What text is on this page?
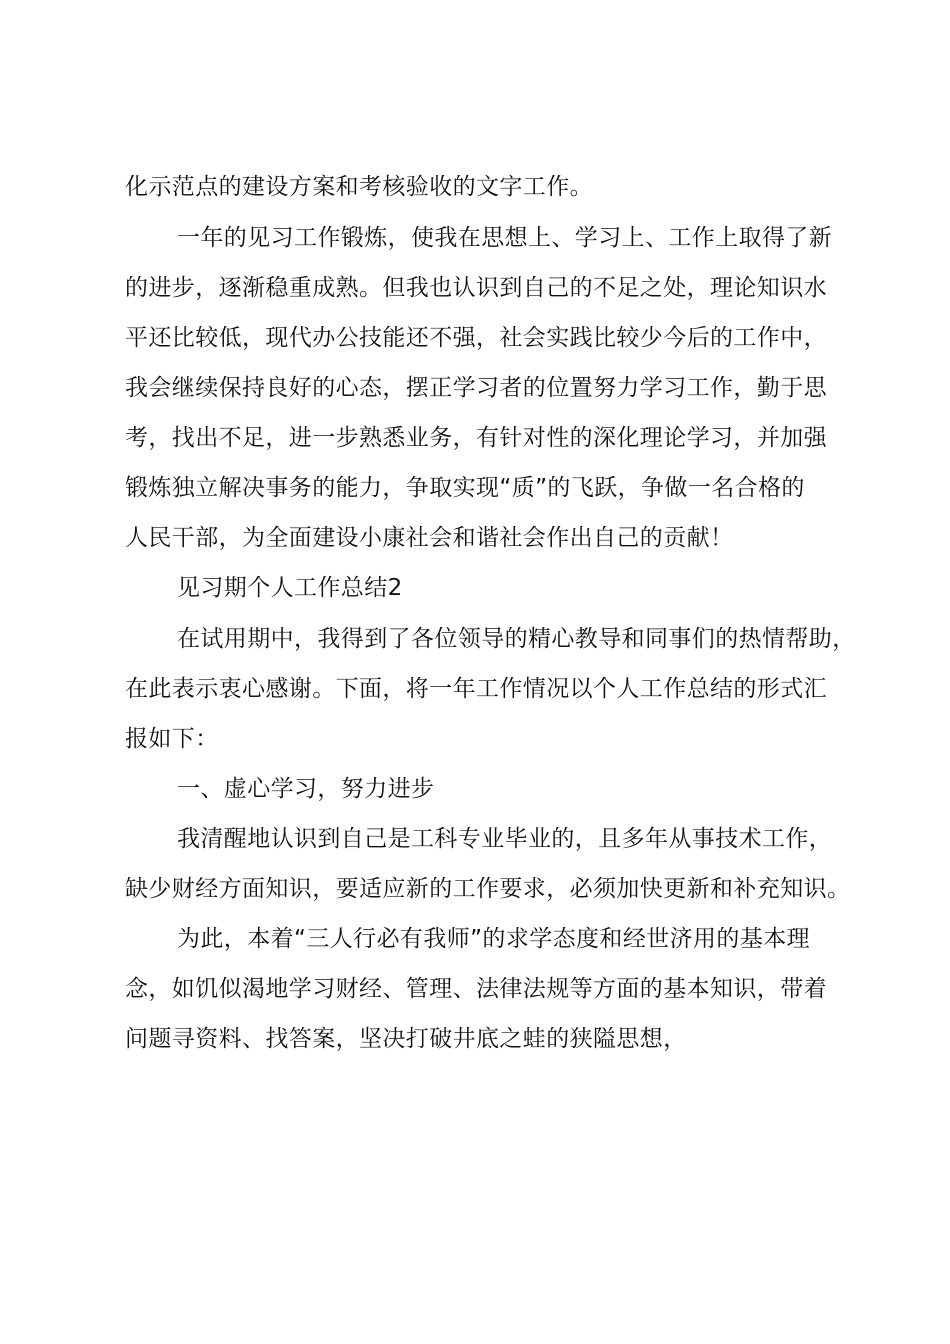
化示范点的建设方案和考核验收的文字工作。
一年的见习工作锻炼，使我在思想上、学习上、工作上取得了新
的进步，逐渐稳重成熟。但我也认识到自己的不足之处，理论知识水
平还比较低，现代办公技能还不强，社会实践比较少今后的工作中，
我会继续保持良好的心态，摆正学习者的位置努力学习工作，勤于思
考，找出不足，进一步熟悉业务，有针对性的深化理论学习，并加强
锻炼独立解决事务的能力，争取实现“质”的飞跃，争做一名合格的
人民干部，为全面建设小康社会和谐社会作出自己的贡献！
见习期个人工作总结2
在试用期中，我得到了各位领导的精心教导和同事们的热情帮助，
在此表示衷心感谢。下面，将一年工作情况以个人工作总结的形式汇
报如下：
一、虚心学习，努力进步
我清醒地认识到自己是工科专业毕业的，且多年从事技术工作，
缺少财经方面知识，要适应新的工作要求，必须加快更新和补充知识。
为此，本着“三人行必有我师”的求学态度和经世济用的基本理
念，如饥似渴地学习财经、管理、法律法规等方面的基本知识，带着
问题寻资料、找答案，坚决打破井底之蛙的狭隘思想，
